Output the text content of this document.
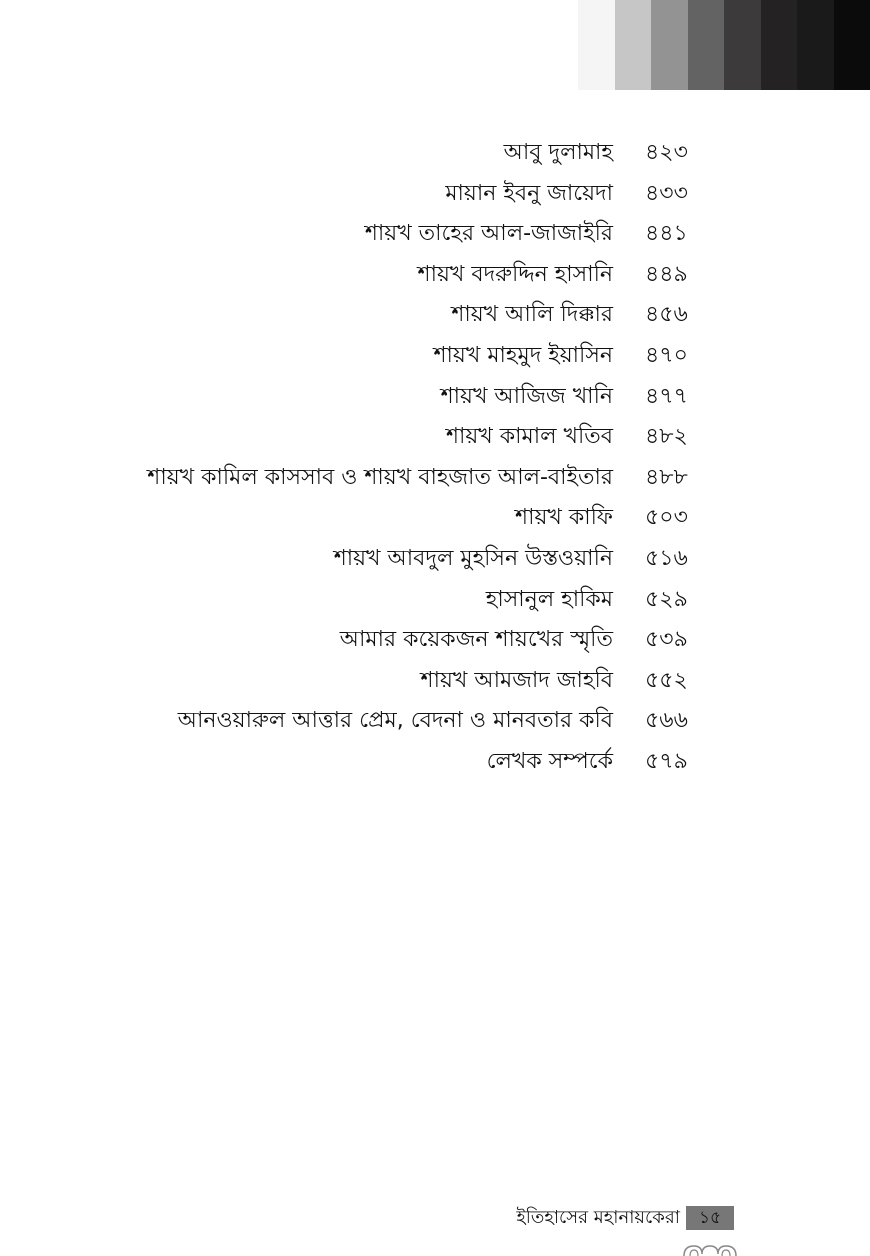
আবু দুলামাহ ৪২৩
মায়ান ইবনু জায়েদা ৪৩৩
শায়খ তাহের আল-জাজাইরি ৪৪১
শায়খ বদরুদ্দিন হাসানি ৪৪৯
শায়খ আলি দিক্কার ৪৫৬
শায়খ মাহমুদ ইয়াসিন ৪৭০
শায়খ আজিজ খানি ৪৭৭
শায়খ কামাল খতিব ৪৮২
শায়খ কামিল কাসসাব ও শায়খ বাহজাত আল-বাইতার ৪৮৮
শায়খ কাফি ৫০৩
শায়খ আবদুল মুহসিন উস্তওয়ানি ৫১৬
হাসানুল হাকিম ৫২৯
আমার কয়েকজন শায়খের স্মৃতি ৫৩৯
শায়খ আমজাদ জাহবি ৫৫২
আনওয়ারুল আত্তার প্রেম, বেদনা ও মানবতার কবি ৫৬৬
লেখক সম্পর্কে ৫৭৯
ইতিহাসের মহানায়কেরা	১৫
